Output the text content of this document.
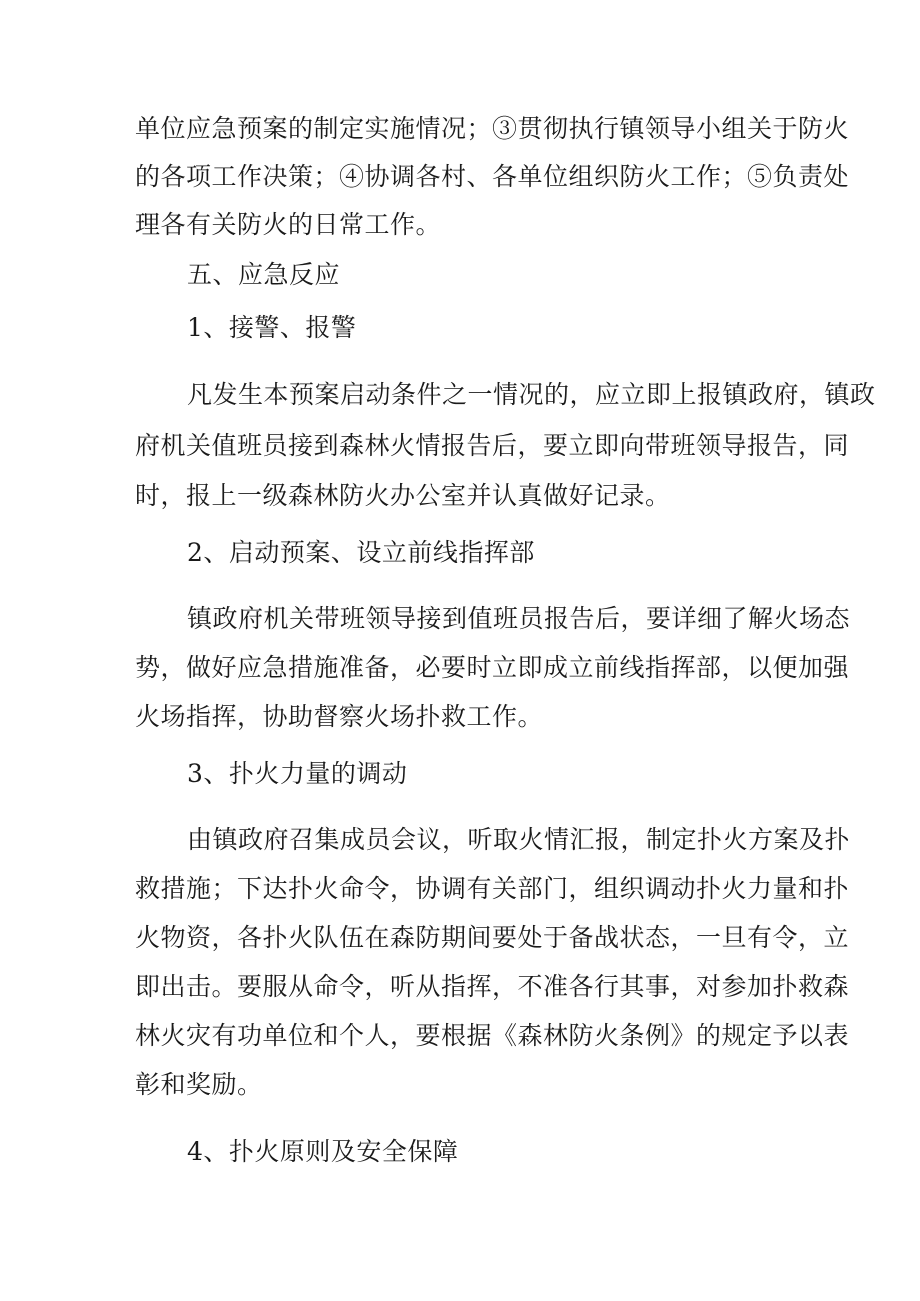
单位应急预案的制定实施情况；③贯彻执行镇领导小组关于防火
的各项工作决策；④协调各村、各单位组织防火工作；⑤负责处
理各有关防火的日常工作。
五、应急反应
1、接警、报警
凡发生本预案启动条件之一情况的，应立即上报镇政府，镇政
府机关值班员接到森林火情报告后，要立即向带班领导报告，同
时，报上一级森林防火办公室并认真做好记录。
2、启动预案、设立前线指挥部
镇政府机关带班领导接到值班员报告后，要详细了解火场态
势，做好应急措施准备，必要时立即成立前线指挥部，以便加强
火场指挥，协助督察火场扑救工作。
3、扑火力量的调动
由镇政府召集成员会议，听取火情汇报，制定扑火方案及扑
救措施；下达扑火命令，协调有关部门，组织调动扑火力量和扑
火物资，各扑火队伍在森防期间要处于备战状态，一旦有令，立
即出击。要服从命令，听从指挥，不准各行其事，对参加扑救森
林火灾有功单位和个人，要根据《森林防火条例》的规定予以表
彰和奖励。
4、扑火原则及安全保障
